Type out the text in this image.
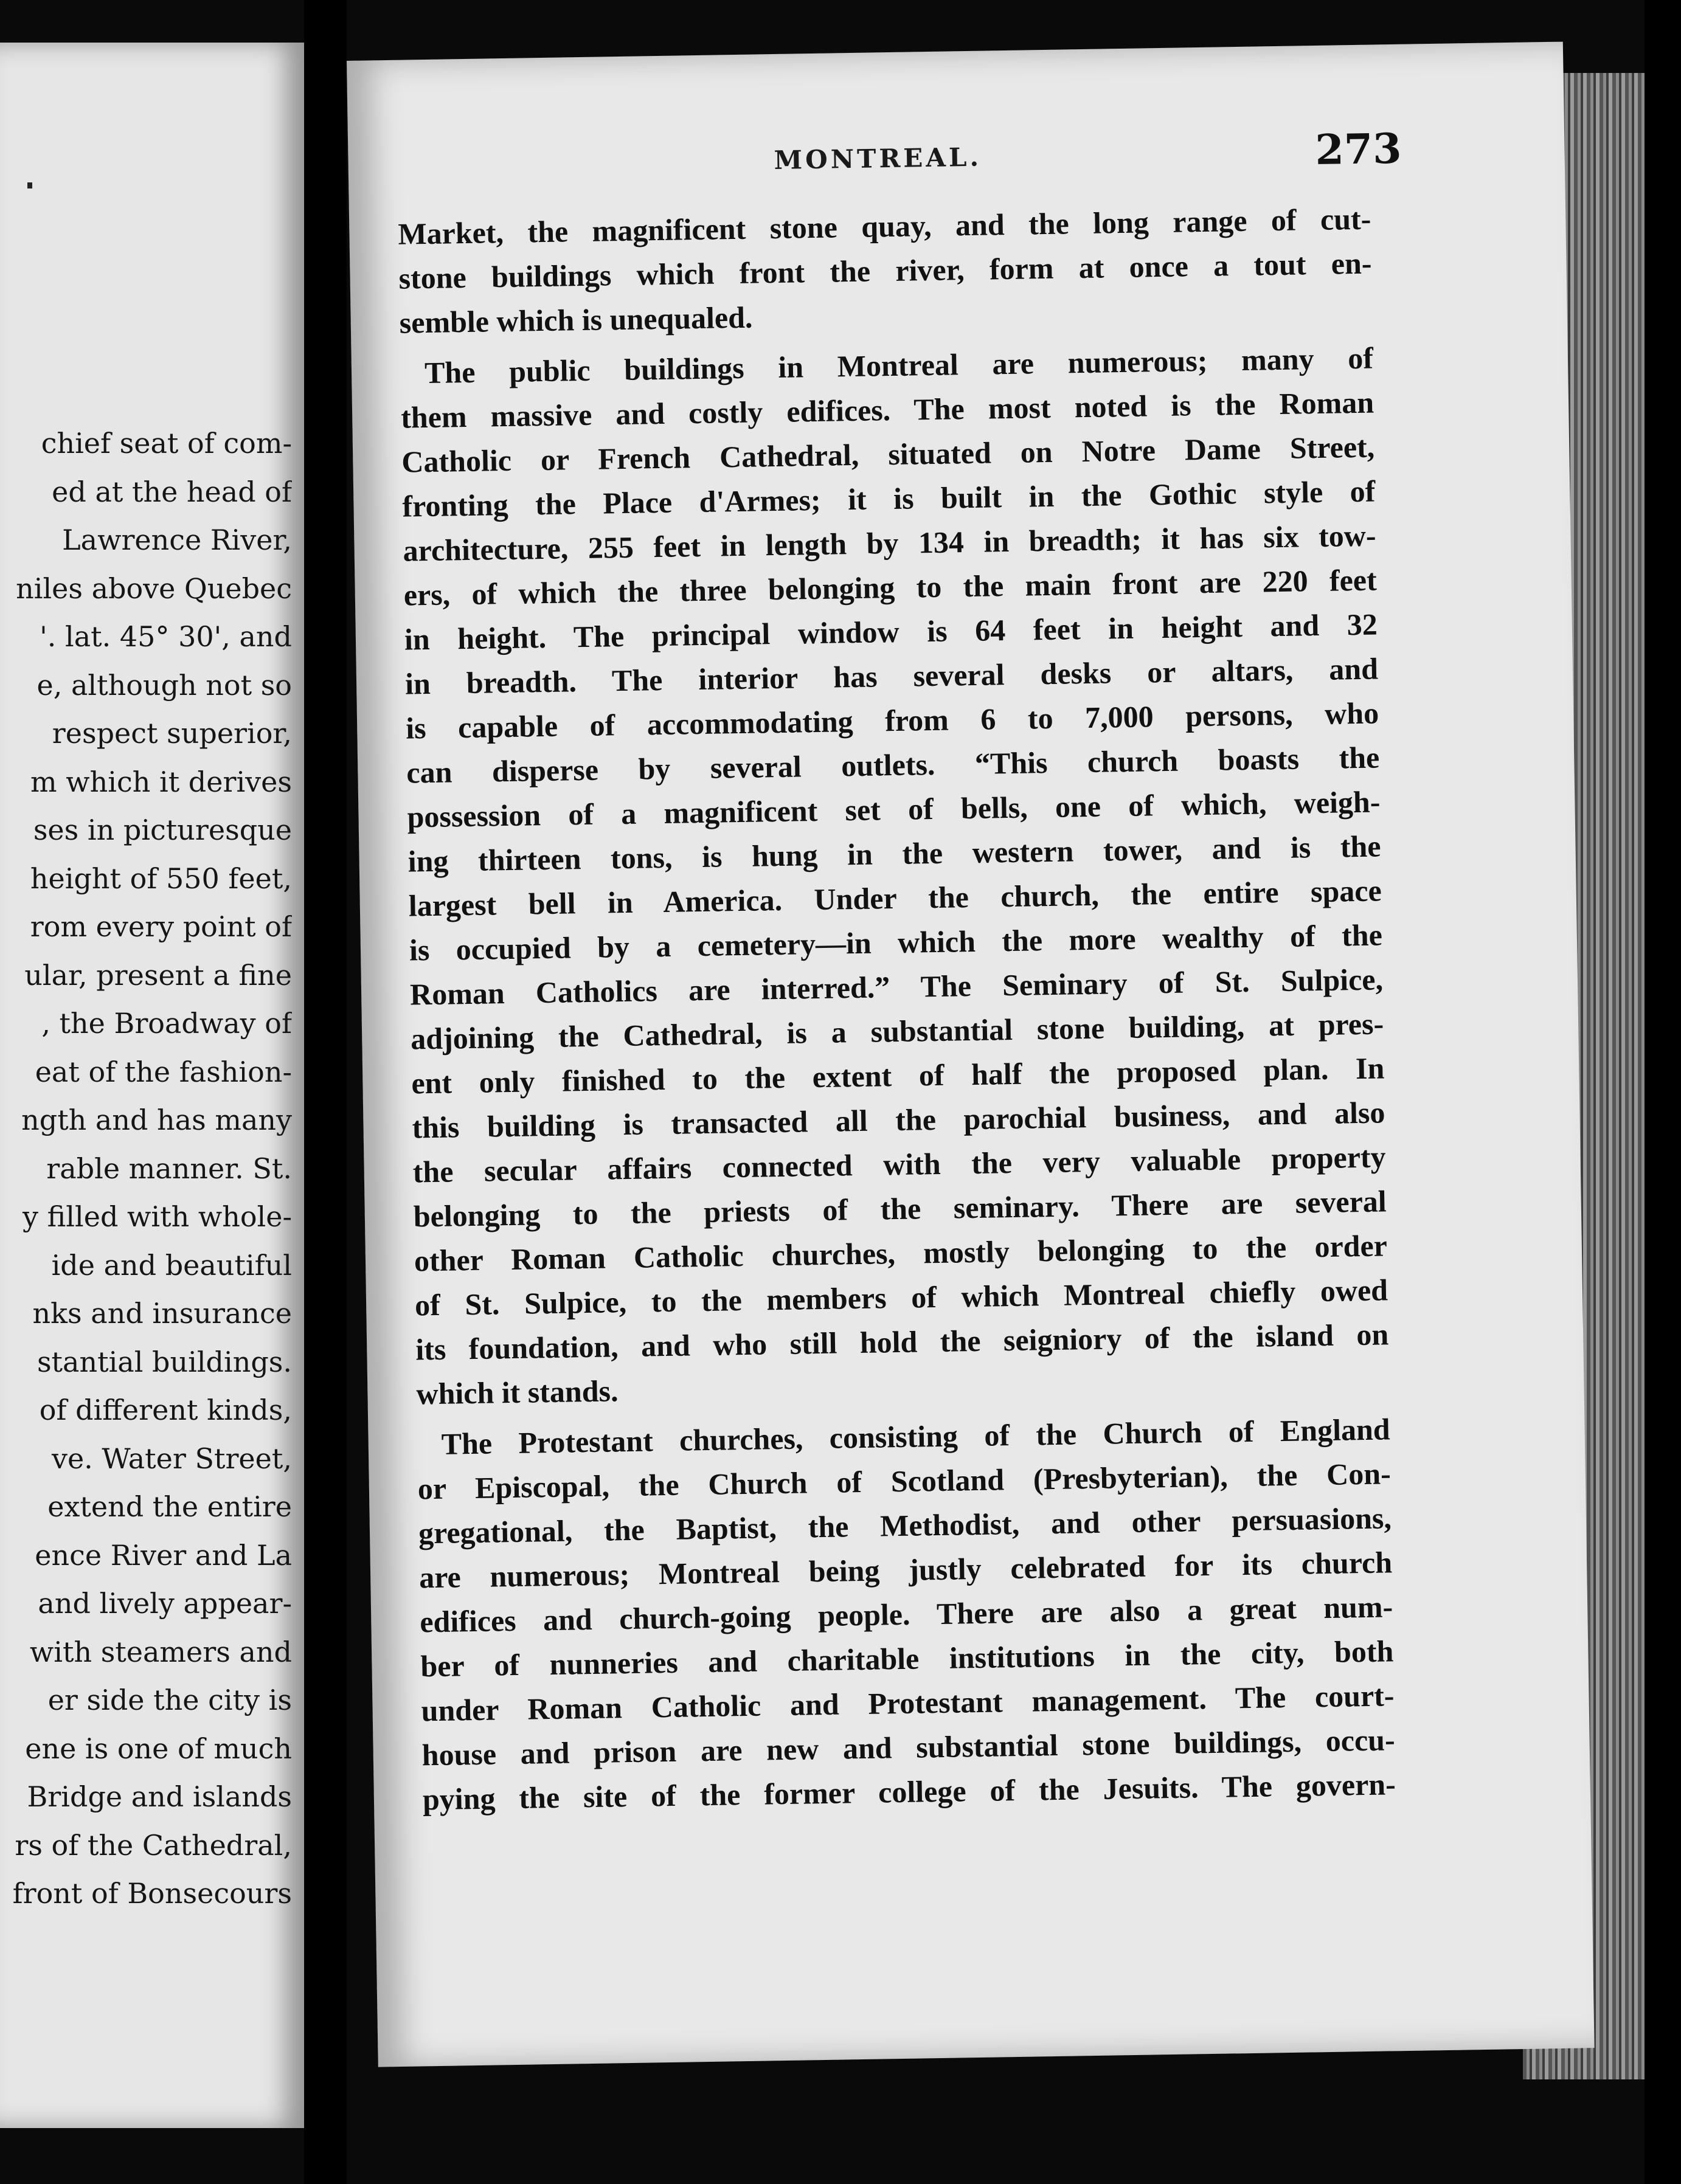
chief seat of com-
ed at the head of
Lawrence River,
niles above Quebec
'. lat. 45° 30', and
e, although not so
respect superior,
m which it derives
ses in picturesque
height of 550 feet,
rom every point of
ular, present a fine
, the Broadway of
eat of the fashion-
ngth and has many
rable manner. St.
y filled with whole-
ide and beautiful
nks and insurance
stantial buildings.
of different kinds,
ve. Water Street,
extend the entire
ence River and La
and lively appear-
with steamers and
er side the city is
ene is one of much
Bridge and islands
rs of the Cathedral,
front of Bonsecours
MONTREAL.	273

Market, the magnificent stone quay, and the long range of cut-
stone buildings which front the river, form at once a tout en-
semble which is unequaled.

The public buildings in Montreal are numerous; many of
them massive and costly edifices. The most noted is the Roman
Catholic or French Cathedral, situated on Notre Dame Street,
fronting the Place d'Armes; it is built in the Gothic style of
architecture, 255 feet in length by 134 in breadth; it has six tow-
ers, of which the three belonging to the main front are 220 feet
in height. The principal window is 64 feet in height and 32
in breadth. The interior has several desks or altars, and
is capable of accommodating from 6 to 7,000 persons, who
can disperse by several outlets. “This church boasts the
possession of a magnificent set of bells, one of which, weigh-
ing thirteen tons, is hung in the western tower, and is the
largest bell in America. Under the church, the entire space
is occupied by a cemetery—in which the more wealthy of the
Roman Catholics are interred.” The Seminary of St. Sulpice,
adjoining the Cathedral, is a substantial stone building, at pres-
ent only finished to the extent of half the proposed plan. In
this building is transacted all the parochial business, and also
the secular affairs connected with the very valuable property
belonging to the priests of the seminary. There are several
other Roman Catholic churches, mostly belonging to the order
of St. Sulpice, to the members of which Montreal chiefly owed
its foundation, and who still hold the seigniory of the island on
which it stands.

The Protestant churches, consisting of the Church of England
or Episcopal, the Church of Scotland (Presbyterian), the Con-
gregational, the Baptist, the Methodist, and other persuasions,
are numerous; Montreal being justly celebrated for its church
edifices and church-going people. There are also a great num-
ber of nunneries and charitable institutions in the city, both
under Roman Catholic and Protestant management. The court-
house and prison are new and substantial stone buildings, occu-
pying the site of the former college of the Jesuits. The govern-
